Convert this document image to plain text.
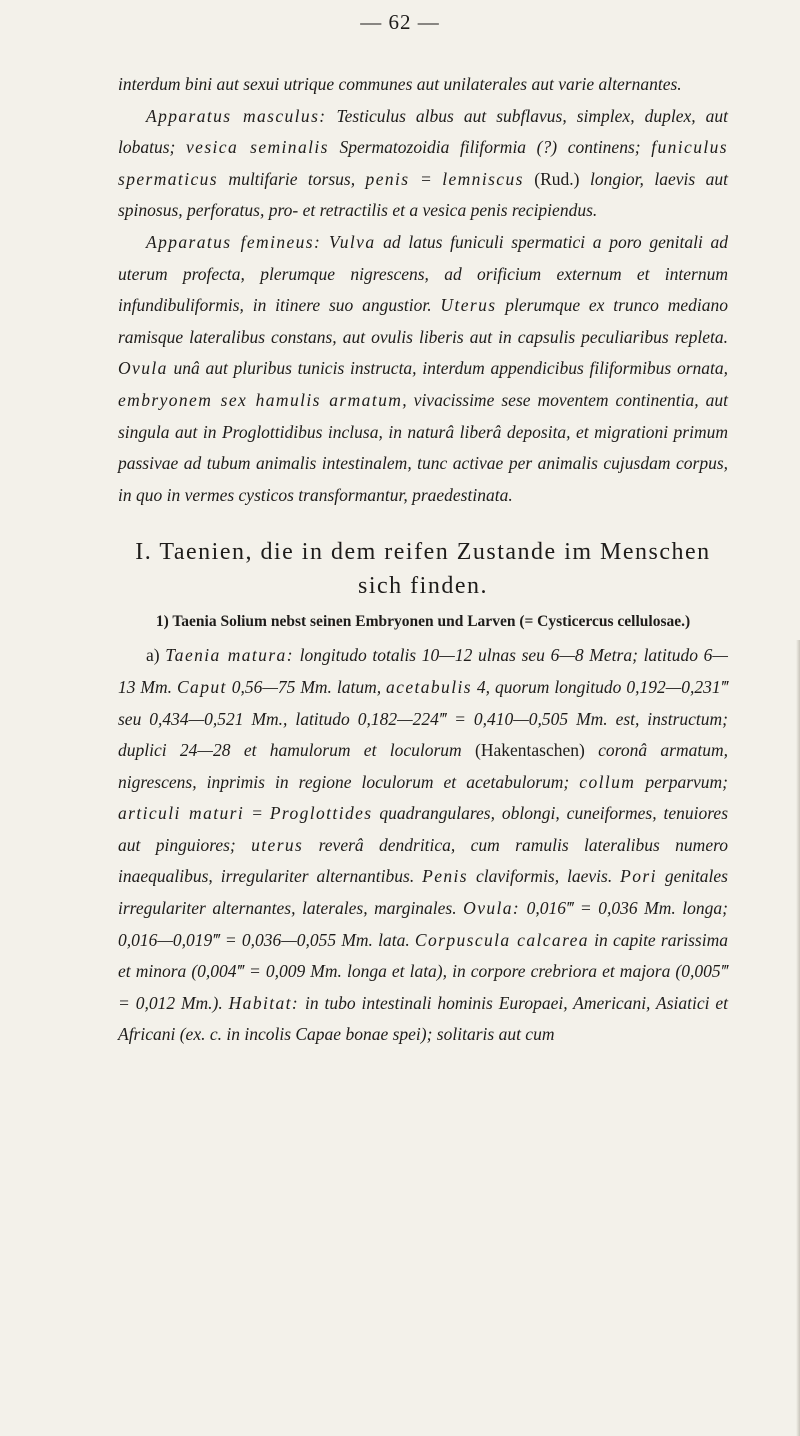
— 62 —

interdum bini aut sexui utrique communes aut unilaterales aut varie alternantes.

Apparatus masculus: Testiculus albus aut subflavus, simplex, duplex, aut lobatus; vesica seminalis Spermatozoidia filiformia (?) continens; funiculus spermaticus multifarie torsus, penis = lemniscus (Rud.) longior, laevis aut spinosus, perforatus, pro- et retractilis et a vesica penis recipiendus.

Apparatus femineus: Vulva ad latus funiculi spermatici a poro genitali ad uterum profecta, plerumque nigrescens, ad orificium externum et internum infundibuliformis, in itinere suo angustior. Uterus plerumque ex trunco mediano ramisque lateralibus constans, aut ovulis liberis aut in capsulis peculiaribus repleta. Ovula unâ aut pluribus tunicis instructa, interdum appendicibus filiformibus ornata, embryonem sex hamulis armatum, vivacissime sese moventem continentia, aut singula aut in Proglottidibus inclusa, in naturâ liberâ deposita, et migrationi primum passivae ad tubum animalis intestinalem, tunc activae per animalis cujusdam corpus, in quo in vermes cysticos transformantur, praedestinata.

I. Taenien, die in dem reifen Zustande im Menschen sich finden.
1) Taenia Solium nebst seinen Embryonen und Larven (= Cysticercus cellulosae.)

a) Taenia matura: longitudo totalis 10—12 ulnas seu 6—8 Metra; latitudo 6—13 Mm. Caput 0,56—75 Mm. latum, acetabulis 4, quorum longitudo 0,192—0,231‴ seu 0,434—0,521 Mm., latitudo 0,182—224‴ = 0,410—0,505 Mm. est, instructum; duplici 24—28 et hamulorum et loculorum (Hakentaschen) coronâ armatum, nigrescens, inprimis in regione loculorum et acetabulorum; collum perparvum; articuli maturi = Proglottides quadrangulares, oblongi, cuneiformes, tenuiores aut pinguiores; uterus reverâ dendritica, cum ramulis lateralibus numero inaequalibus, irregulariter alternantibus. Penis claviformis, laevis. Pori genitales irregulariter alternantes, laterales, marginales. Ovula: 0,016‴ = 0,036 Mm. longa; 0,016—0,019‴ = 0,036—0,055 Mm. lata. Corpuscula calcarea in capite rarissima et minora (0,004‴ = 0,009 Mm. longa et lata), in corpore crebriora et majora (0,005‴ = 0,012 Mm.). Habitat: in tubo intestinali hominis Europaei, Americani, Asiatici et Africani (ex. c. in incolis Capae bonae spei); solitaris aut cum
